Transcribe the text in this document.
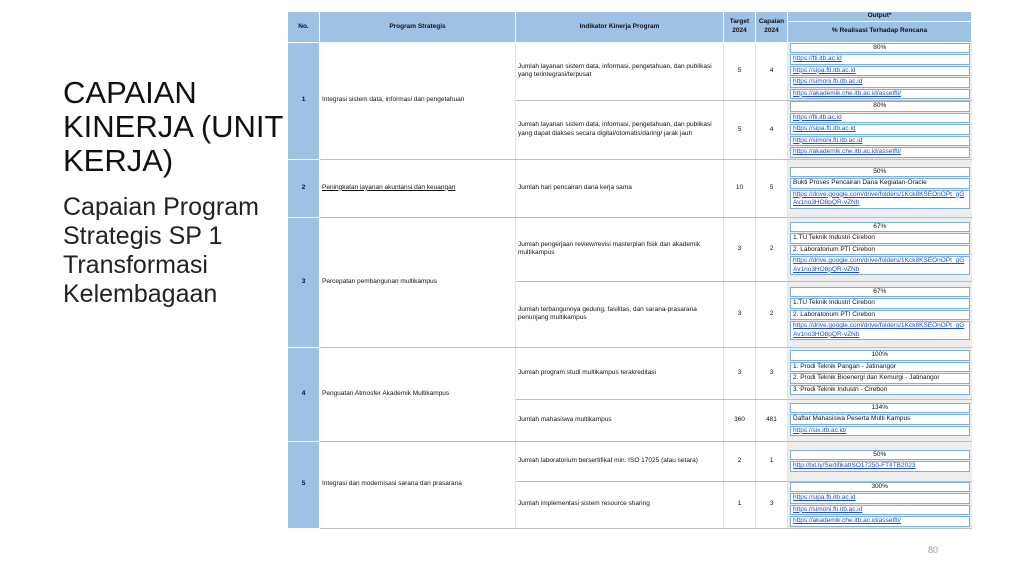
CAPAIAN KINERJA (UNIT KERJA)
Capaian Program Strategis SP 1 Transformasi Kelembagaan
80
No.	Program Strategis	Indikator Kinerja Program	Target 2024	Capaian 2024	Output*
					% Realisasi Terhadap Rencana
1	Integrasi sistem data, informasi dan pengetahuan	Jumlah layanan sistem data, informasi, pengetahuan, dan publikasi yang terintegrasi/terpusat	5	4	80%
https://fti.itb.ac.id
https://sipa.fti.itb.ac.id
https://simoni.fti.itb.ac.id
https://akademik.che.itb.ac.id/assetfti/

		Jumlah layanan sistem data, informasi, pengetahuan, dan publikasi yang dapat diakses secara digital/otomatis/daring/ jarak jauh	5	4	80%
https://fti.itb.ac.id
https://sipa.fti.itb.ac.id
https://simoni.fti.itb.ac.id
https://akademik.che.itb.ac.id/assetfti/

2	Peningkatan layanan akuntansi dan keuangan	Jumlah hari pencairan dana kerja sama	10	5	50%
Bukti Proses Pencairan Dana Kegiatan-Oracle
https://drive.google.com/drive/folders/1Kck8KSEOnOPt_gGAv1no3HO8pQR-vZNb

3	Percepatan pembangunan multikampus	Jumlah pengerjaan review/revisi masterplan fisik dan akademik multikampus	3	2	67%
1.TU Teknik Industri Cirebon
2. Laboratorium PTI Cirebon
https://drive.google.com/drive/folders/1Kck8KSEOnOPt_gGAv1no3HO8pQR-vZNb

		Jumlah terbangunnya gedung, fasilitas, dan sarana-prasarana penunjang multikampus	3	2	67%
1.TU Teknik Industri Cirebon
2. Laboratorium PTI Cirebon
https://drive.google.com/drive/folders/1Kck8KSEOnOPt_gGAv1no3HO8pQR-vZNb

4	Penguatan Atmosfer Akademik Multikampus	Jumlah program studi multikampus terakreditasi	3	3	100%
1. Prodi Teknik Pangan - Jatinangor
2. Prodi Teknik Bioenergi dan Kemurgi - Jatinangor
3. Prodi Teknik Industri - Cirebon

		Jumlah mahasiswa multikampus	360	481	134%
Daftar Mahasiswa Peserta Multi Kampus
https://six.itb.ac.id/

5	Integrasi dan modernisasi sarana dan prasarana	Jumlah laboratorium bersertifikat min. ISO 17025 (atau setara)	2	1	50%
http://bit.ly/SertifikatISO17250-FTIITB2023

		Jumlah implementasi sistem resource sharing	1	3	300%
https://sipa.fti.itb.ac.id
https://simoni.fti.itb.ac.id
https://akademik.che.itb.ac.id/assetfti/
